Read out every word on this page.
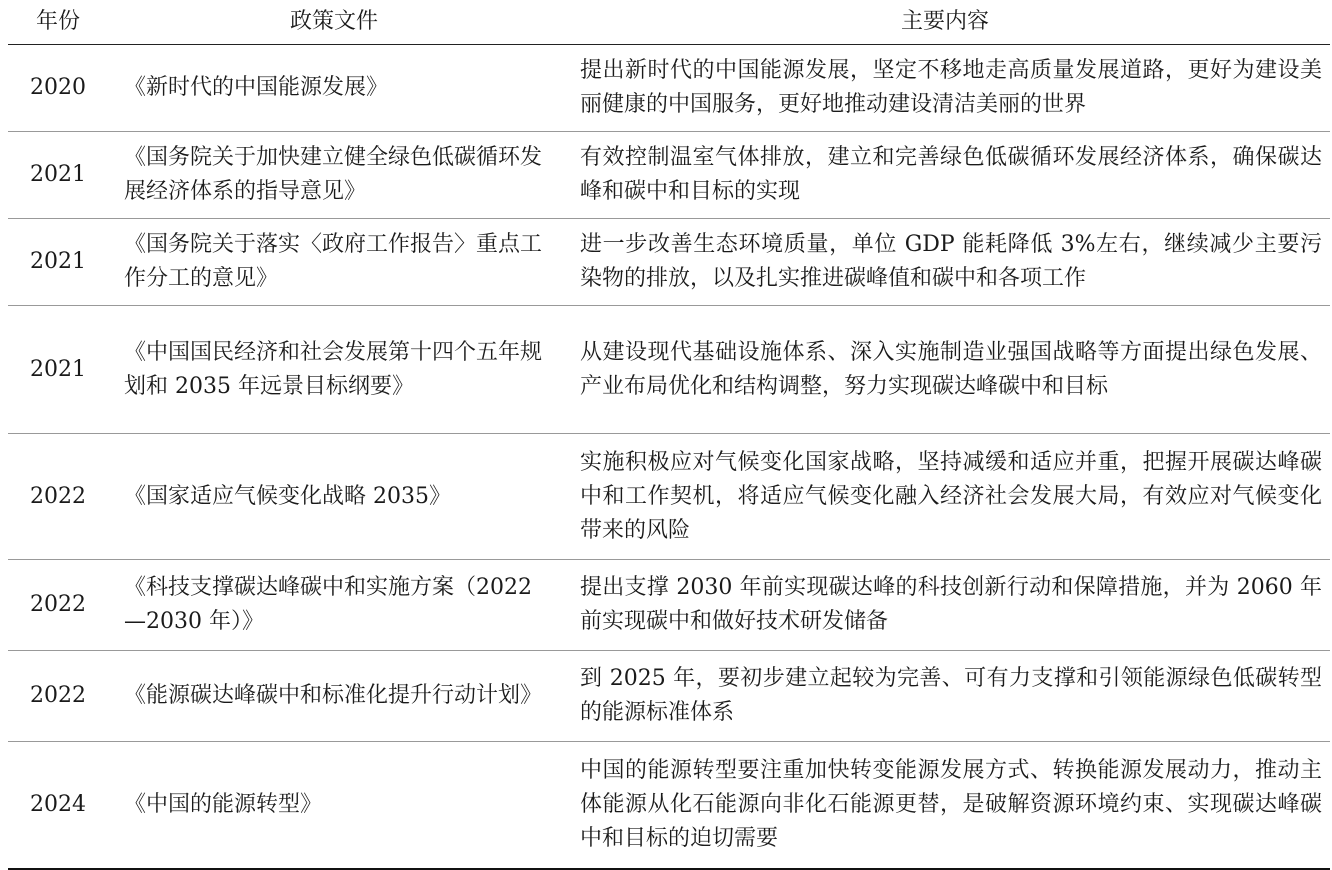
年份	政策文件	主要内容
2020	《新时代的中国能源发展》	提出新时代的中国能源发展，坚定不移地走高质量发展道路，更好为建设美丽健康的中国服务，更好地推动建设清洁美丽的世界
2021	《国务院关于加快建立健全绿色低碳循环发展经济体系的指导意见》	有效控制温室气体排放，建立和完善绿色低碳循环发展经济体系，确保碳达峰和碳中和目标的实现
2021	《国务院关于落实〈政府工作报告〉重点工作分工的意见》	进一步改善生态环境质量，单位 GDP 能耗降低 3%左右，继续减少主要污染物的排放，以及扎实推进碳峰值和碳中和各项工作
2021	《中国国民经济和社会发展第十四个五年规划和 2035 年远景目标纲要》	从建设现代基础设施体系、深入实施制造业强国战略等方面提出绿色发展、产业布局优化和结构调整，努力实现碳达峰碳中和目标
2022	《国家适应气候变化战略 2035》	实施积极应对气候变化国家战略，坚持减缓和适应并重，把握开展碳达峰碳中和工作契机，将适应气候变化融入经济社会发展大局，有效应对气候变化带来的风险
2022	《科技支撑碳达峰碳中和实施方案（2022—2030 年）》	提出支撑 2030 年前实现碳达峰的科技创新行动和保障措施，并为 2060 年前实现碳中和做好技术研发储备
2022	《能源碳达峰碳中和标准化提升行动计划》	到 2025 年，要初步建立起较为完善、可有力支撑和引领能源绿色低碳转型的能源标准体系
2024	《中国的能源转型》	中国的能源转型要注重加快转变能源发展方式、转换能源发展动力，推动主体能源从化石能源向非化石能源更替，是破解资源环境约束、实现碳达峰碳中和目标的迫切需要
